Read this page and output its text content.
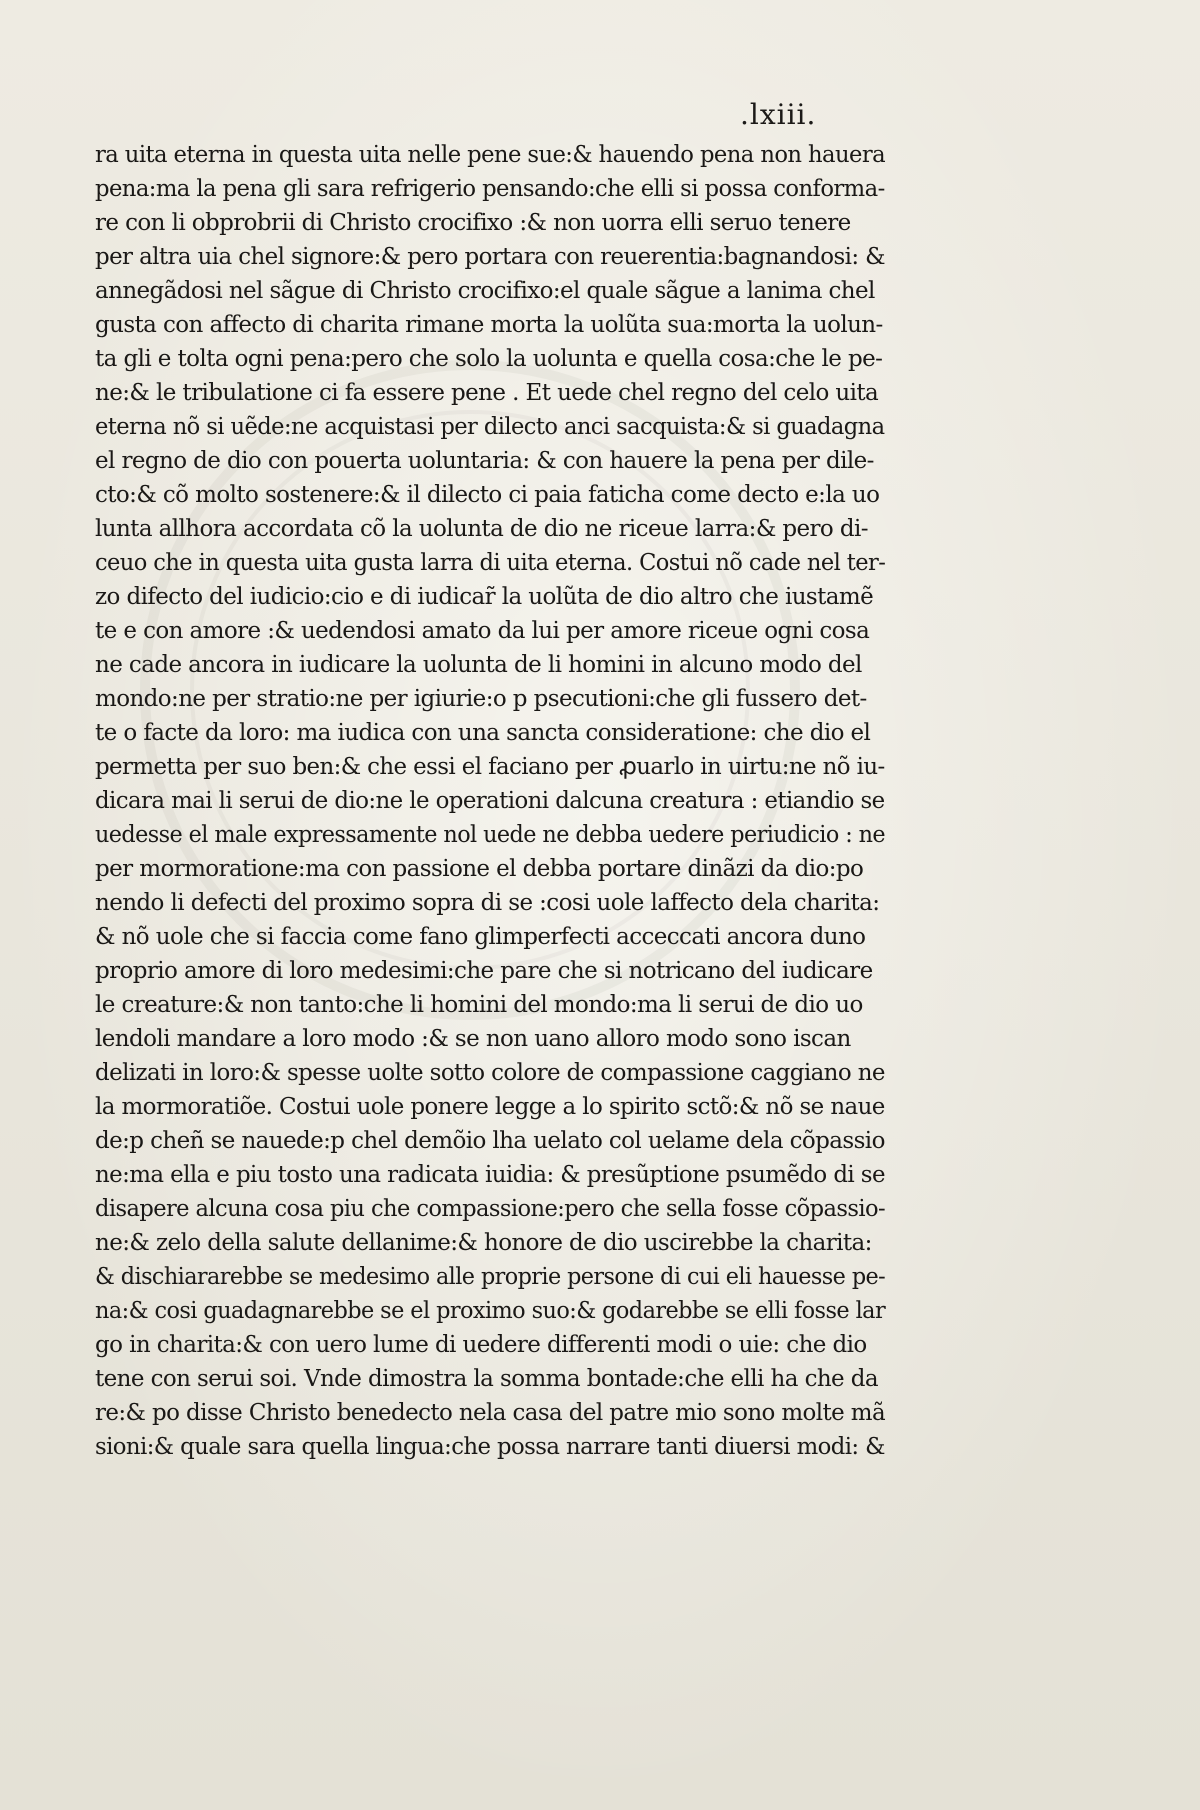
.lxiii.
ra uita eterna in questa uita nelle pene sue:& hauendo pena non hauera
pena:ma la pena gli sara refrigerio pensando:che elli si possa conforma-
re con li obprobrii di Christo crocifixo :& non uorra elli seruo tenere
per altra uia chel signore:& pero portara con reuerentia:bagnandosi: &
annegãdosi nel sãgue di Christo crocifixo:el quale sãgue a lanima chel
gusta con affecto di charita rimane morta la uolũta sua:morta la uolun-
ta gli e tolta ogni pena:pero che solo la uolunta e quella cosa:che le pe-
ne:& le tribulatione ci fa essere pene . Et uede chel regno del celo uita
eterna nõ si uẽde:ne acquistasi per dilecto anci sacquista:& si guadagna
el regno de dio con pouerta uoluntaria: & con hauere la pena per dile-
cto:& cõ molto sostenere:& il dilecto ci paia faticha come decto e:la uo
lunta allhora accordata cõ la uolunta de dio ne riceue larra:& pero di-
ceuo che in questa uita gusta larra di uita eterna. Costui nõ cade nel ter-
zo difecto del iudicio:cio e di iudicar̃ la uolũta de dio altro che iustamẽ
te e con amore :& uedendosi amato da lui per amore riceue ogni cosa
ne cade ancora in iudicare la uolunta de li homini in alcuno modo del
mondo:ne per stratio:ne per igiurie:o p psecutioni:che gli fussero det-
te o facte da loro: ma iudica con una sancta consideratione: che dio el
permetta per suo ben:& che essi el faciano per ꝓuarlo in uirtu:ne nõ iu-
dicara mai li serui de dio:ne le operationi dalcuna creatura : etiandio se
uedesse el male expressamente nol uede ne debba uedere periudicio : ne
per mormoratione:ma con passione el debba portare dinãzi da dio:po
nendo li defecti del proximo sopra di se :cosi uole laffecto dela charita:
& nõ uole che si faccia come fano glimperfecti acceccati ancora duno
proprio amore di loro medesimi:che pare che si notricano del iudicare
le creature:& non tanto:che li homini del mondo:ma li serui de dio uo
lendoli mandare a loro modo :& se non uano alloro modo sono iscan
delizati in loro:& spesse uolte sotto colore de compassione caggiano ne
la mormoratiõe. Costui uole ponere legge a lo spirito sctõ:& nõ se naue
de:p cheñ se nauede:p chel demõio lha uelato col uelame dela cõpassio
ne:ma ella e piu tosto una radicata iuidia: & presũptione psumẽdo di se
disapere alcuna cosa piu che compassione:pero che sella fosse cõpassio-
ne:& zelo della salute dellanime:& honore de dio uscirebbe la charita:
& dischiararebbe se medesimo alle proprie persone di cui eli hauesse pe-
na:& cosi guadagnarebbe se el proximo suo:& godarebbe se elli fosse lar
go in charita:& con uero lume di uedere differenti modi o uie: che dio
tene con serui soi. Vnde dimostra la somma bontade:che elli ha che da
re:& po disse Christo benedecto nela casa del patre mio sono molte mã
sioni:& quale sara quella lingua:che possa narrare tanti diuersi modi: &
